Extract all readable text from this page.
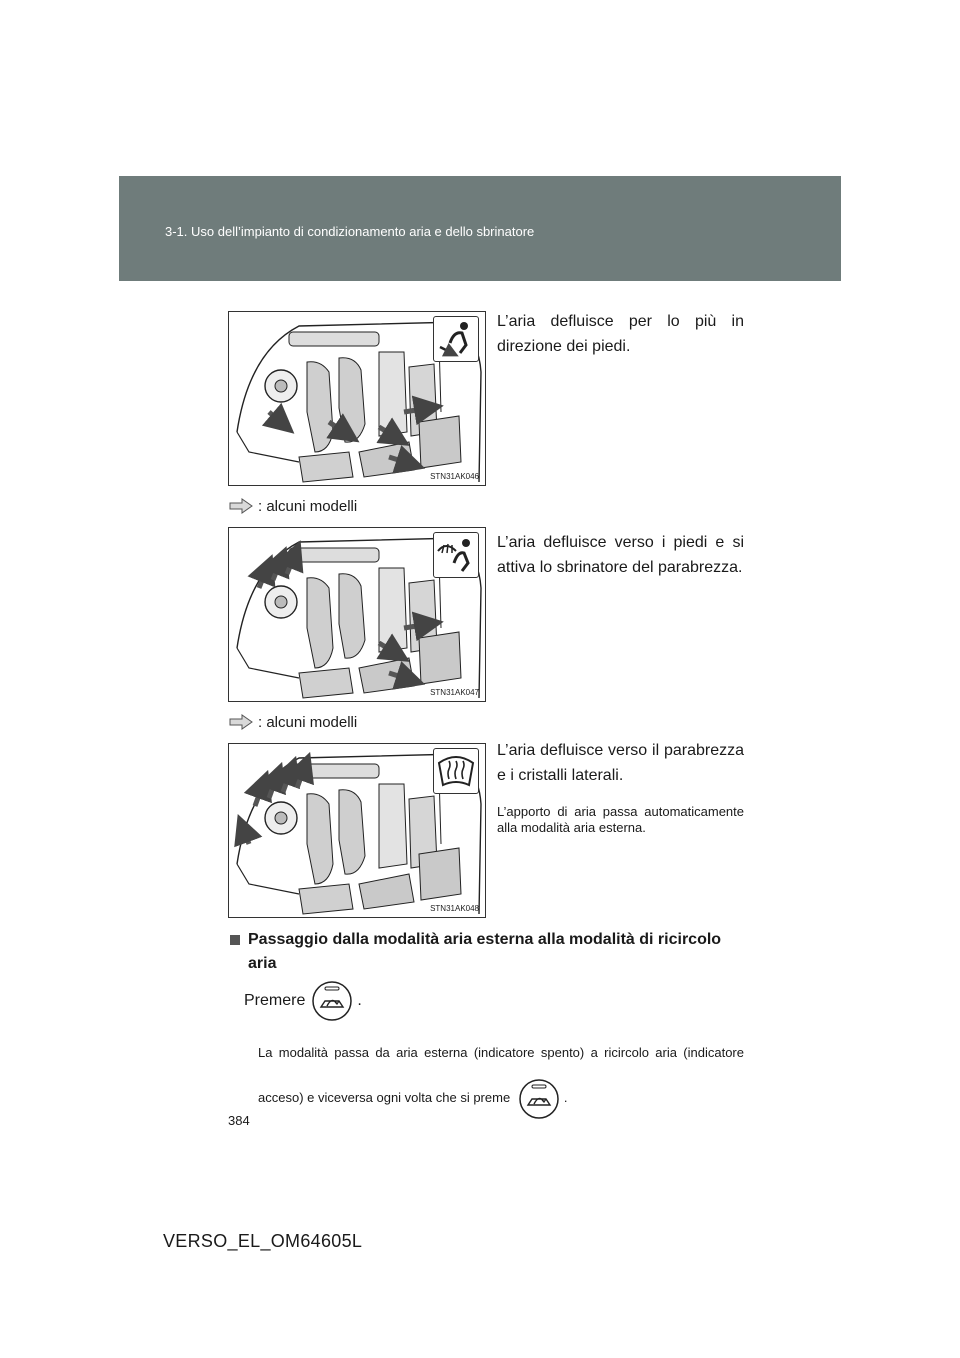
3-1. Uso dell’impianto di condizionamento aria e dello sbrinatore
STN31AK046
L’aria defluisce per lo più in direzione dei piedi.
: alcuni modelli
STN31AK047
L’aria defluisce verso i piedi e si attiva lo sbrinatore del parabrezza.
: alcuni modelli
STN31AK048
L’aria defluisce verso il parabrezza e i cristalli laterali.
L’apporto di aria passa automaticamente alla modalità aria esterna.
Passaggio dalla modalità aria esterna alla modalità di ricircolo aria
Premere	.
La modalità passa da aria esterna (indicatore spento) a ricircolo aria (indicatore acceso) e viceversa ogni volta che si preme	.
384
VERSO_EL_OM64605L
